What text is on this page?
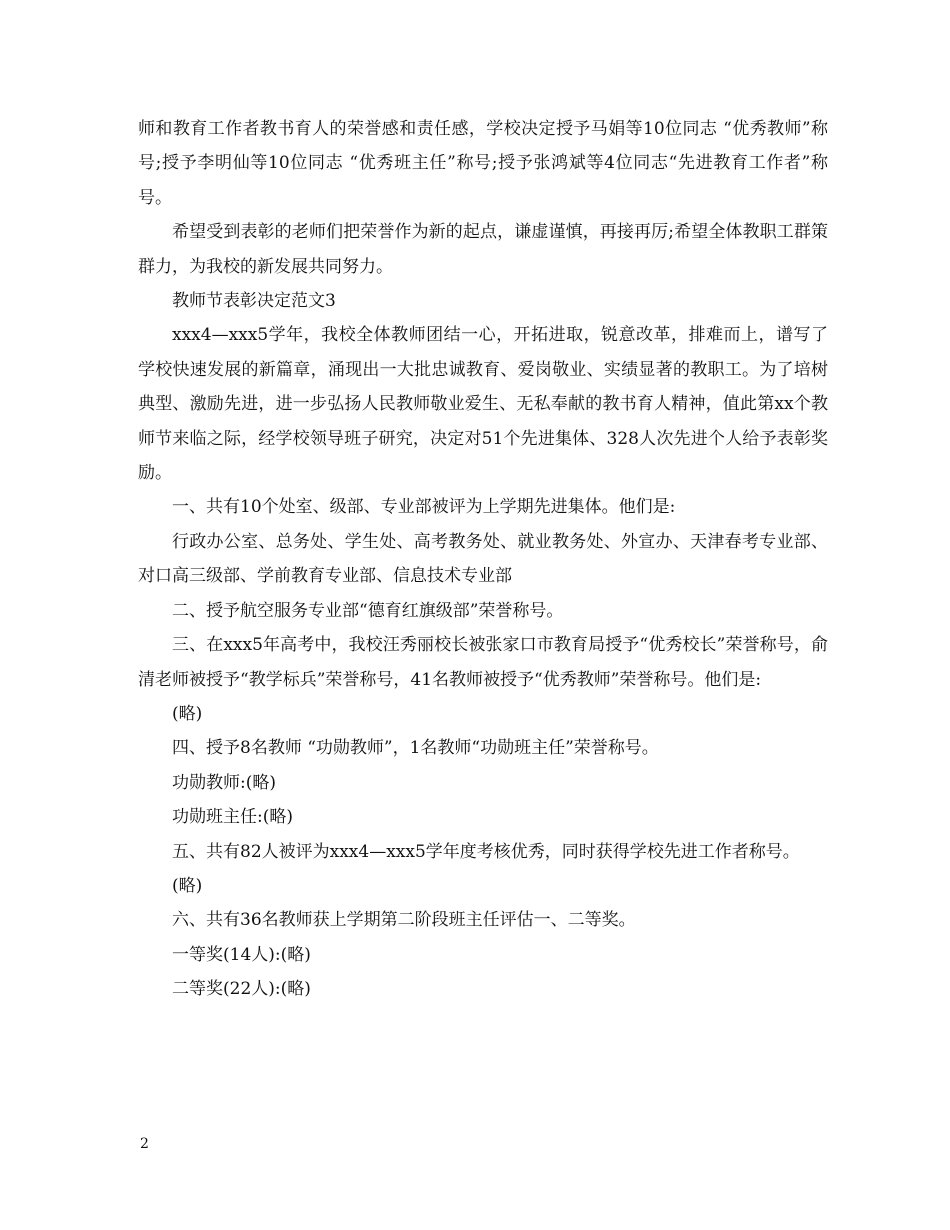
师和教育工作者教书育人的荣誉感和责任感，学校决定授予马娟等10位同志 “优秀教师”称号;授予李明仙等10位同志 “优秀班主任”称号;授予张鸿斌等4位同志“先进教育工作者”称号。

希望受到表彰的老师们把荣誉作为新的起点，谦虚谨慎，再接再厉;希望全体教职工群策群力，为我校的新发展共同努力。

教师节表彰决定范文3

xxx4—xxx5学年，我校全体教师团结一心，开拓进取，锐意改革，排难而上，谱写了学校快速发展的新篇章，涌现出一大批忠诚教育、爱岗敬业、实绩显著的教职工。为了培树典型、激励先进，进一步弘扬人民教师敬业爱生、无私奉献的教书育人精神，值此第xx个教师节来临之际，经学校领导班子研究，决定对51个先进集体、328人次先进个人给予表彰奖励。

一、共有10个处室、级部、专业部被评为上学期先进集体。他们是:

行政办公室、总务处、学生处、高考教务处、就业教务处、外宣办、天津春考专业部、对口高三级部、学前教育专业部、信息技术专业部

二、授予航空服务专业部“德育红旗级部”荣誉称号。

三、在xxx5年高考中，我校汪秀丽校长被张家口市教育局授予“优秀校长”荣誉称号，俞清老师被授予“教学标兵”荣誉称号，41名教师被授予“优秀教师”荣誉称号。他们是:

(略)

四、授予8名教师 “功勋教师”，1名教师“功勋班主任”荣誉称号。

功勋教师:(略)

功勋班主任:(略)

五、共有82人被评为xxx4—xxx5学年度考核优秀，同时获得学校先进工作者称号。

(略)

六、共有36名教师获上学期第二阶段班主任评估一、二等奖。

一等奖(14人):(略)

二等奖(22人):(略)

2
